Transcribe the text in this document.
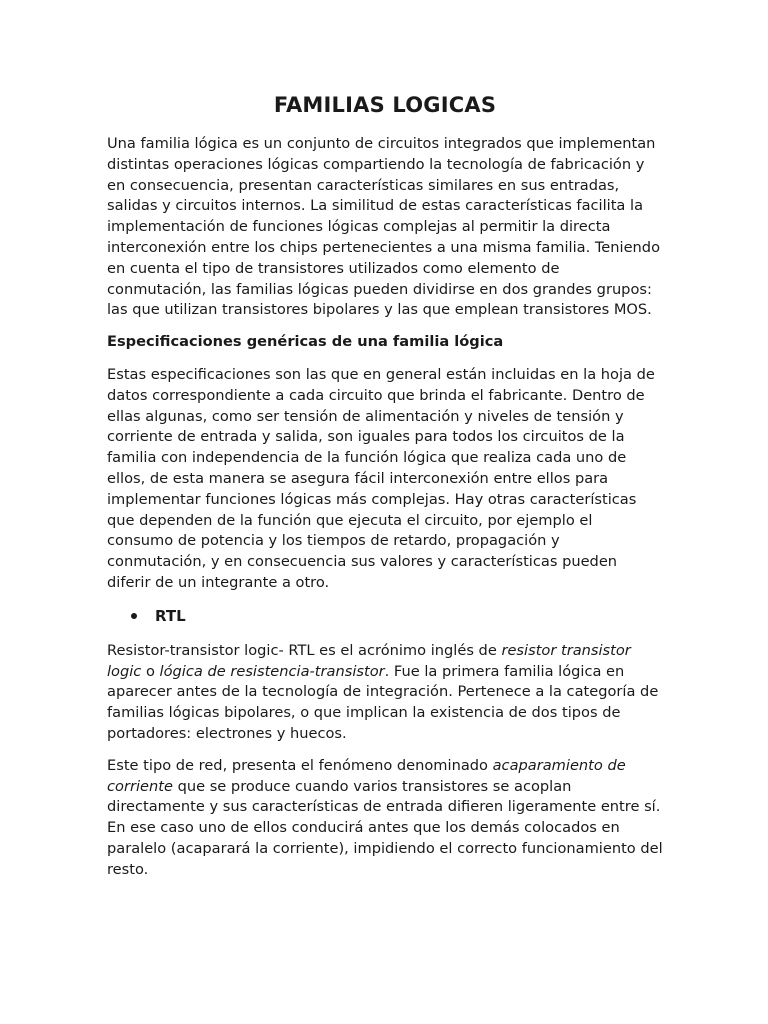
FAMILIAS LOGICAS

Una familia lógica es un conjunto de circuitos integrados que implementan distintas operaciones lógicas compartiendo la tecnología de fabricación y en consecuencia, presentan características similares en sus entradas, salidas y circuitos internos. La similitud de estas características facilita la implementación de funciones lógicas complejas al permitir la directa interconexión entre los chips pertenecientes a una misma familia. Teniendo en cuenta el tipo de transistores utilizados como elemento de conmutación, las familias lógicas pueden dividirse en dos grandes grupos: las que utilizan transistores bipolares y las que emplean transistores MOS.

Especificaciones genéricas de una familia lógica

Estas especificaciones son las que en general están incluidas en la hoja de datos correspondiente a cada circuito que brinda el fabricante. Dentro de ellas algunas, como ser tensión de alimentación y niveles de tensión y corriente de entrada y salida, son iguales para todos los circuitos de la familia con independencia de la función lógica que realiza cada uno de ellos, de esta manera se asegura fácil interconexión entre ellos para implementar funciones lógicas más complejas. Hay otras características que dependen de la función que ejecuta el circuito, por ejemplo el consumo de potencia y los tiempos de retardo, propagación y conmutación, y en consecuencia sus valores y características pueden diferir de un integrante a otro.

RTL

Resistor-transistor logic- RTL es el acrónimo inglés de resistor transistor logic o lógica de resistencia-transistor. Fue la primera familia lógica en aparecer antes de la tecnología de integración. Pertenece a la categoría de familias lógicas bipolares, o que implican la existencia de dos tipos de portadores: electrones y huecos.

Este tipo de red, presenta el fenómeno denominado acaparamiento de corriente que se produce cuando varios transistores se acoplan directamente y sus características de entrada difieren ligeramente entre sí. En ese caso uno de ellos conducirá antes que los demás colocados en paralelo (acaparará la corriente), impidiendo el correcto funcionamiento del resto.
